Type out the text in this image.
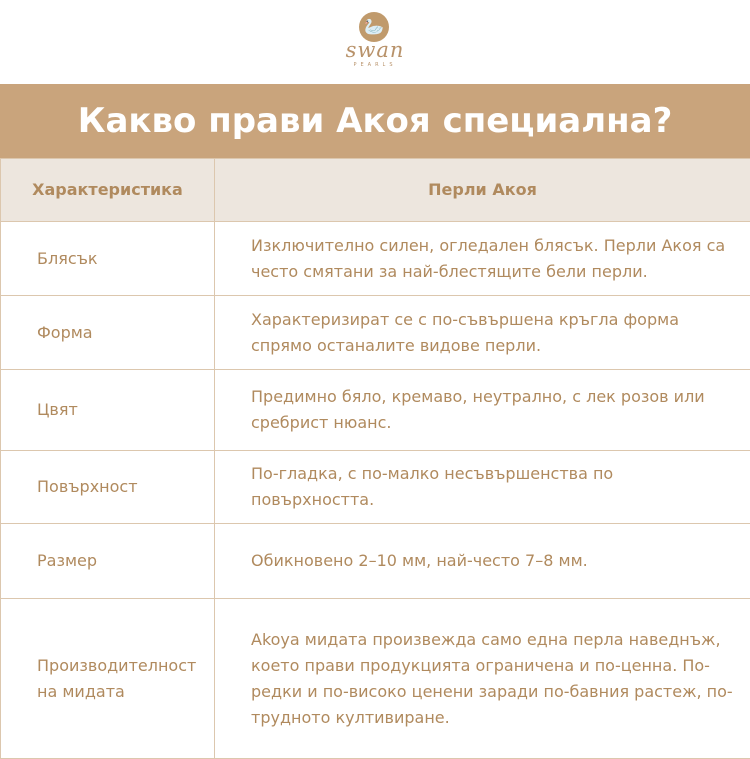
🦢
swan
PEARLS
Какво прави Акоя специална?
Характеристика	Перли Акоя
Блясък	Изключително силен, огледален блясък. Перли Акоя са често смятани за най-блестящите бели перли.
Форма	Характеризират се с по-съвършена кръгла форма спрямо останалите видове перли.
Цвят	Предимно бяло, кремаво, неутрално, с лек розов или сребрист нюанс.
Повърхност	По-гладка, с по-малко несъвършенства по повърхността.
Размер	Обикновено 2–10 мм, най-често 7–8 мм.
Производителност на мидата	Akoya мидата произвежда само една перла наведнъж, което прави продукцията ограничена и по-ценна. По-редки и по-високо ценени заради по-бавния растеж, по-трудното култивиране.
